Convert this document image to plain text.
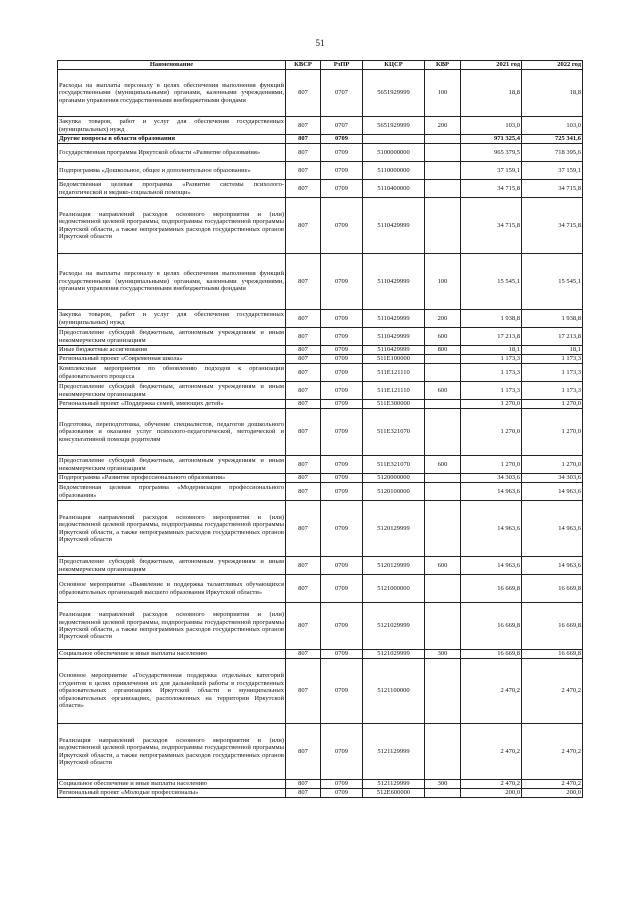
51
Наименование	КВСР	РзПР	КЦСР	КВР	2021 год	2022 год
Расходы на выплаты персоналу в целях обеспечения выполнения функций государственными (муниципальными) органами, казенными учреждениями, органами управления государственными внебюджетными фондами	807	0707	5651929999	100	18,8	18,8
Закупка товаров, работ и услуг для обеспечения государственных (муниципальных) нужд	807	0707	5651929999	200	103,0	103,0
Другие вопросы в области образования	807	0709			971 325,4	725 341,6
Государственная программа Иркутской области «Развитие образования»	807	0709	5100000000		965 379,5	718 395,6
Подпрограмма «Дошкольное, общее и дополнительное образование»	807	0709	5110000000		37 159,1	37 159,1
Ведомственная целевая программа «Развитие системы психолого-педагогической и медико-социальной помощи»	807	0709	5110400000		34 715,8	34 715,8
Реализация направлений расходов основного мероприятия и (или) ведомственной целевой программы, подпрограммы государственной программы Иркутской области, а также непрограммных расходов государственных органов Иркутской области	807	0709	5110429999		34 715,8	34 715,8
Расходы на выплаты персоналу в целях обеспечения выполнения функций государственными (муниципальными) органами, казенными учреждениями, органами управления государственными внебюджетными фондами	807	0709	5110429999	100	15 545,1	15 545,1
Закупка товаров, работ и услуг для обеспечения государственных (муниципальных) нужд	807	0709	5110429999	200	1 938,8	1 938,8
Предоставление субсидий бюджетным, автономным учреждениям и иным некоммерческим организациям	807	0709	5110429999	600	17 213,8	17 213,8
Иные бюджетные ассигнования	807	0709	5110429999	800	18,1	18,1
Региональный проект «Современная школа»	807	0709	511E100000		1 173,3	1 173,3
Комплексные мероприятия по обновлению подходов к организации образовательного процесса	807	0709	511E121110		1 173,3	1 173,3
Предоставление субсидий бюджетным, автономным учреждениям и иным некоммерческим организациям	807	0709	511E121110	600	1 173,3	1 173,3
Региональный проект «Поддержка семей, имеющих детей»	807	0709	511E300000		1 270,0	1 270,0
Подготовка, переподготовка, обучение специалистов, педагогов дошкольного образования и оказание услуг психолого-педагогической, методической и консультативной помощи родителям	807	0709	511E321070		1 270,0	1 270,0
Предоставление субсидий бюджетным, автономным учреждениям и иным некоммерческим организациям	807	0709	511E321070	600	1 270,0	1 270,0
Подпрограмма «Развитие профессионального образования»	807	0709	5120000000		34 303,6	34 303,6
Ведомственная целевая программа «Модернизация профессионального образования»	807	0709	5120100000		14 963,6	14 963,6
Реализация направлений расходов основного мероприятия и (или) ведомственной целевой программы, подпрограммы государственной программы Иркутской области, а также непрограммных расходов государственных органов Иркутской области	807	0709	5120129999		14 963,6	14 963,6
Предоставление субсидий бюджетным, автономным учреждениям и иным некоммерческим организациям	807	0709	5120129999	600	14 963,6	14 963,6
Основное мероприятие «Выявление и поддержка талантливых обучающихся образовательных организаций высшего образования Иркутской области»	807	0709	5121000000		16 669,8	16 669,8
Реализация направлений расходов основного мероприятия и (или) ведомственной целевой программы, подпрограммы государственной программы Иркутской области, а также непрограммных расходов государственных органов Иркутской области	807	0709	5121029999		16 669,8	16 669,8
Социальное обеспечение и иные выплаты населению	807	0709	5121029999	300	16 669,8	16 669,8
Основное мероприятие «Государственная поддержка отдельных категорий студентов в целях привлечения их для дальнейшей работы в государственных образовательных организациях Иркутской области и муниципальных образовательных организациях, расположенных на территории Иркутской области»	807	0709	5121100000		2 470,2	2 470,2
Реализация направлений расходов основного мероприятия и (или) ведомственной целевой программы, подпрограммы государственной программы Иркутской области, а также непрограммных расходов государственных органов Иркутской области	807	0709	5121129999		2 470,2	2 470,2
Социальное обеспечение и иные выплаты населению	807	0709	5121129999	300	2 470,2	2 470,2
Региональный проект «Молодые профессионалы»	807	0709	512E600000		200,0	200,0
